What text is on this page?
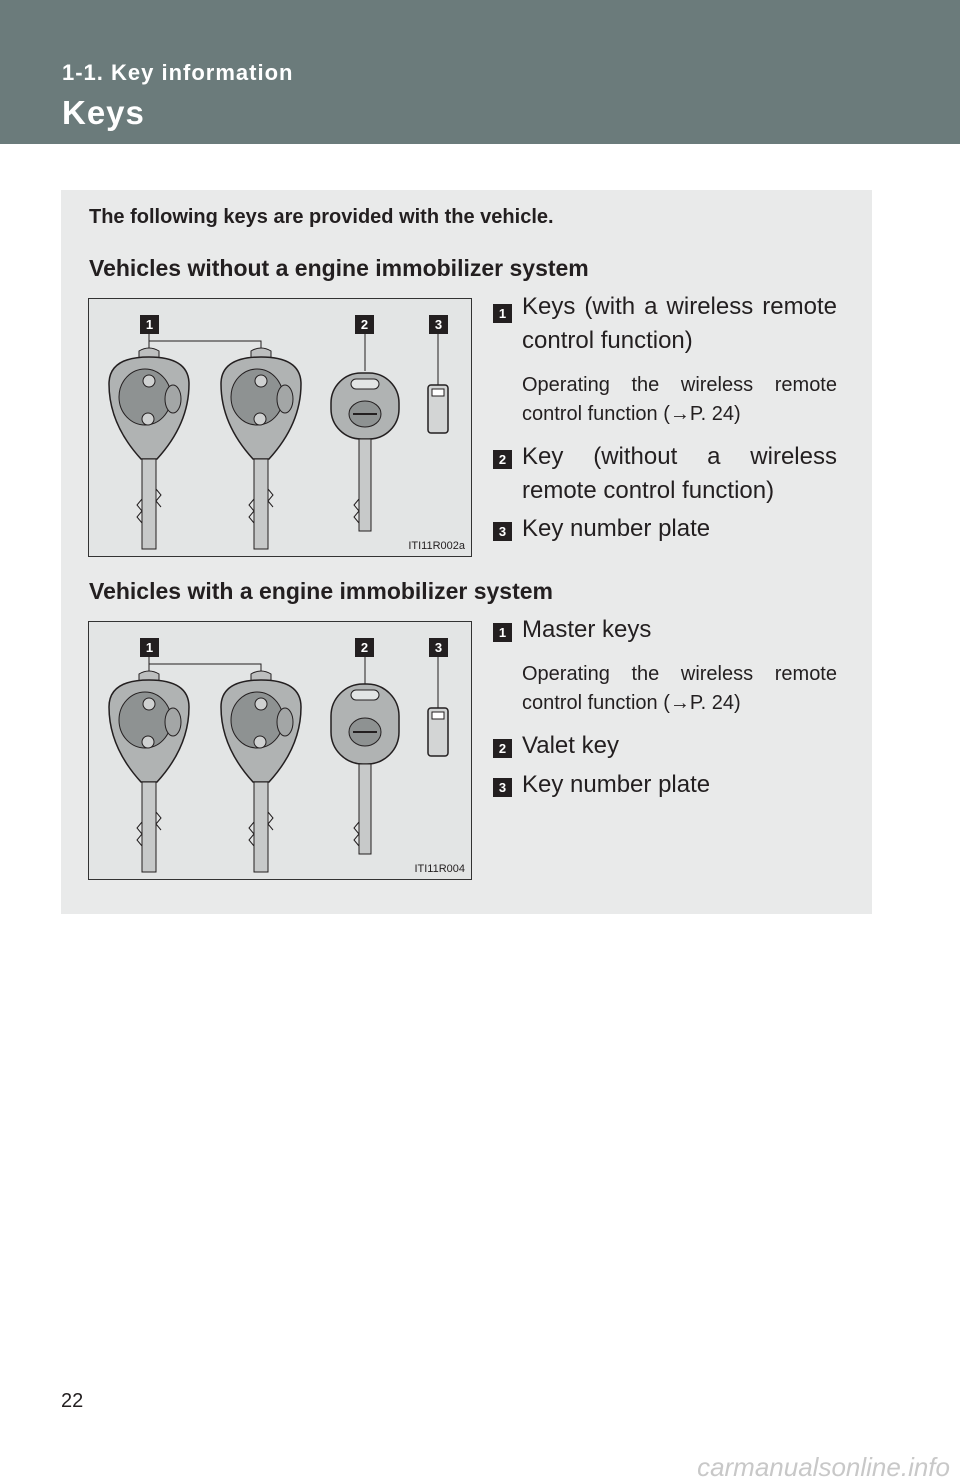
1-1. Key information
Keys
The following keys are provided with the vehicle.
Vehicles without a engine immobilizer system
1	2	3
ITI11R002a
1 Keys (with a wireless remote control function)
Operating the wireless remote control function (→P. 24)
2 Key (without a wireless remote control function)
3 Key number plate
Vehicles with a engine immobilizer system
1	2	3
ITI11R004
1 Master keys
Operating the wireless remote control function (→P. 24)
2 Valet key
3 Key number plate
22
carmanualsonline.info
